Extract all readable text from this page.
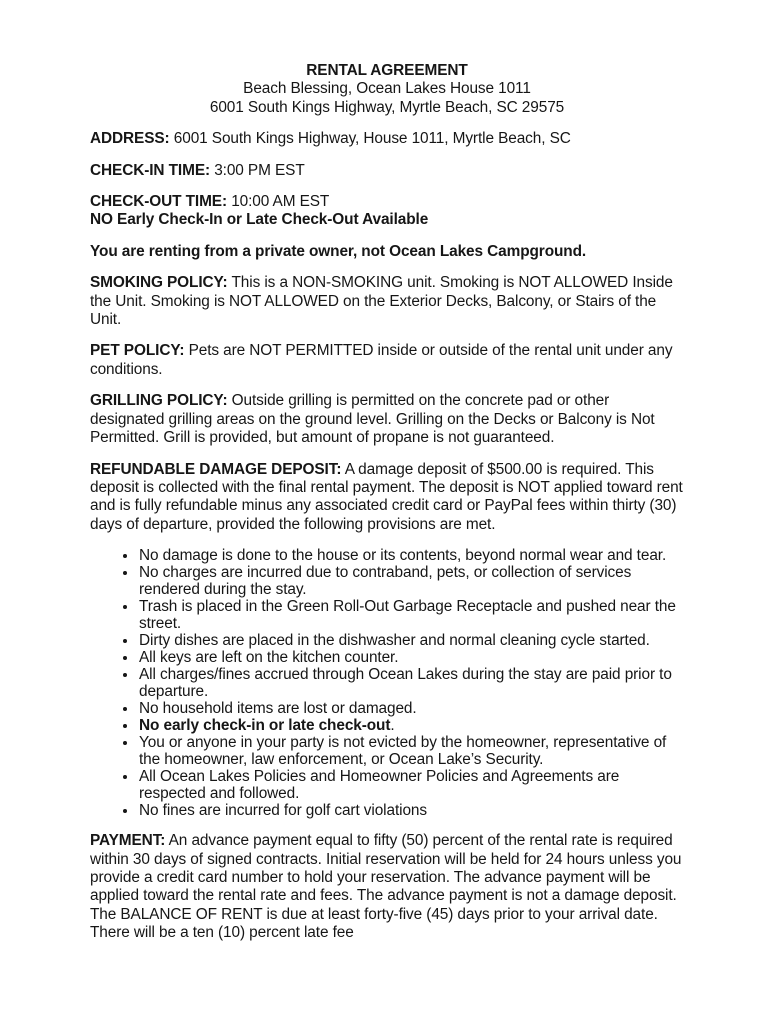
RENTAL AGREEMENT
Beach Blessing, Ocean Lakes House 1011
6001 South Kings Highway, Myrtle Beach, SC 29575

ADDRESS: 6001 South Kings Highway, House 1011, Myrtle Beach, SC

CHECK-IN TIME: 3:00 PM EST

CHECK-OUT TIME: 10:00 AM EST
NO Early Check-In or Late Check-Out Available

You are renting from a private owner, not Ocean Lakes Campground.

SMOKING POLICY: This is a NON-SMOKING unit. Smoking is NOT ALLOWED Inside the Unit. Smoking is NOT ALLOWED on the Exterior Decks, Balcony, or Stairs of the Unit.

PET POLICY: Pets are NOT PERMITTED inside or outside of the rental unit under any conditions.

GRILLING POLICY: Outside grilling is permitted on the concrete pad or other designated grilling areas on the ground level. Grilling on the Decks or Balcony is Not Permitted. Grill is provided, but amount of propane is not guaranteed.

REFUNDABLE DAMAGE DEPOSIT: A damage deposit of $500.00 is required. This deposit is collected with the final rental payment. The deposit is NOT applied toward rent and is fully refundable minus any associated credit card or PayPal fees within thirty (30) days of departure, provided the following provisions are met.

• No damage is done to the house or its contents, beyond normal wear and tear.
• No charges are incurred due to contraband, pets, or collection of services rendered during the stay.
• Trash is placed in the Green Roll-Out Garbage Receptacle and pushed near the street.
• Dirty dishes are placed in the dishwasher and normal cleaning cycle started.
• All keys are left on the kitchen counter.
• All charges/fines accrued through Ocean Lakes during the stay are paid prior to departure.
• No household items are lost or damaged.
• No early check-in or late check-out.
• You or anyone in your party is not evicted by the homeowner, representative of the homeowner, law enforcement, or Ocean Lake’s Security.
• All Ocean Lakes Policies and Homeowner Policies and Agreements are respected and followed.
• No fines are incurred for golf cart violations

PAYMENT: An advance payment equal to fifty (50) percent of the rental rate is required within 30 days of signed contracts. Initial reservation will be held for 24 hours unless you provide a credit card number to hold your reservation. The advance payment will be applied toward the rental rate and fees. The advance payment is not a damage deposit. The BALANCE OF RENT is due at least forty-five (45) days prior to your arrival date. There will be a ten (10) percent late fee
